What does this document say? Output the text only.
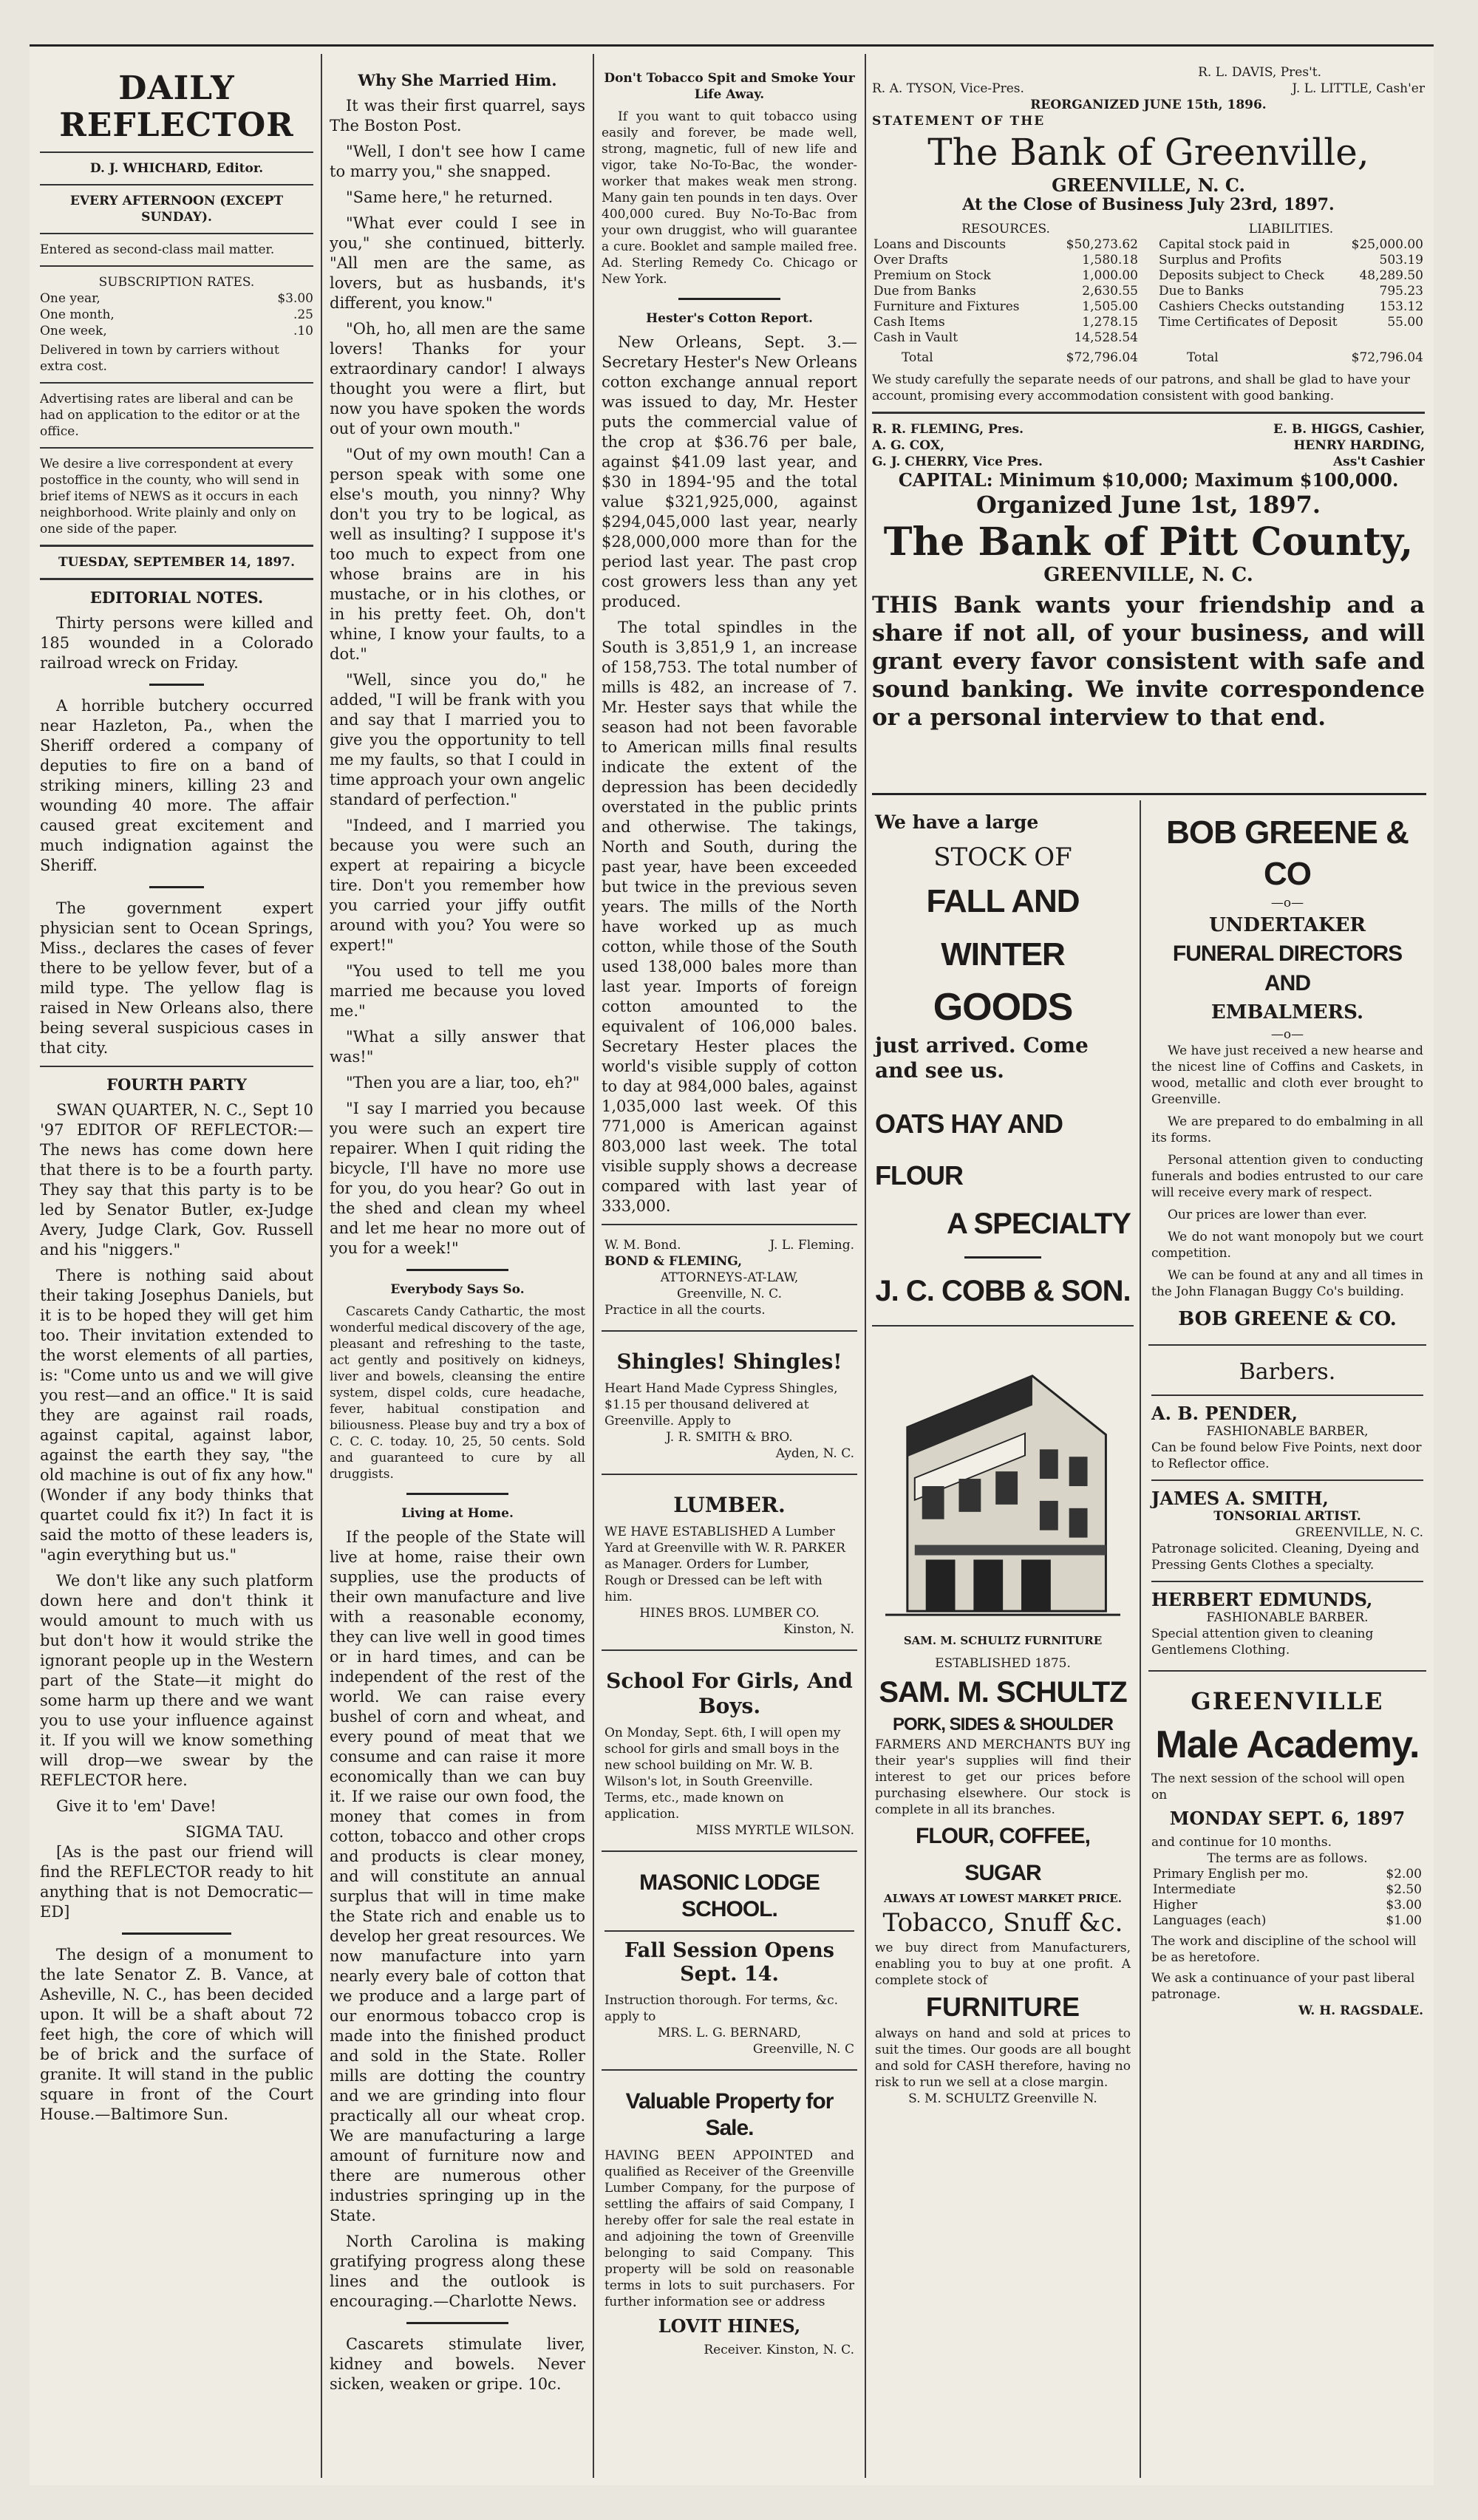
DAILY REFLECTOR
D. J. WHICHARD, Editor.
EVERY AFTERNOON (EXCEPT SUNDAY).
Entered as second-class mail matter.
SUBSCRIPTION RATES.
One year,	$3.00
One month,	.25
One week,	.10
Delivered in town by carriers without extra cost.
Advertising rates are liberal and can be had on application to the editor or at the office.
We desire a live correspondent at every postoffice in the county, who will send in brief items of NEWS as it occurs in each neighborhood. Write plainly and only on one side of the paper.
TUESDAY, SEPTEMBER 14, 1897.
EDITORIAL NOTES.

Thirty persons were killed and 185 wounded in a Colorado railroad wreck on Friday.

A horrible butchery occurred near Hazleton, Pa., when the Sheriff ordered a company of deputies to fire on a band of striking miners, killing 23 and wounding 40 more. The affair caused great excitement and much indignation against the Sheriff.

The government expert physician sent to Ocean Springs, Miss., declares the cases of fever there to be yellow fever, but of a mild type. The yellow flag is raised in New Orleans also, there being several suspicious cases in that city.

FOURTH PARTY

SWAN QUARTER, N. C., Sept 10 '97 EDITOR OF REFLECTOR:—The news has come down here that there is to be a fourth party. They say that this party is to be led by Senator Butler, ex-Judge Avery, Judge Clark, Gov. Russell and his "niggers."

There is nothing said about their taking Josephus Daniels, but it is to be hoped they will get him too. Their invitation extended to the worst elements of all parties, is: "Come unto us and we will give you rest—and an office." It is said they are against rail roads, against capital, against labor, against the earth they say, "the old machine is out of fix any how." (Wonder if any body thinks that quartet could fix it?) In fact it is said the motto of these leaders is, "agin everything but us."

We don't like any such platform down here and don't think it would amount to much with us but don't how it would strike the ignorant people up in the Western part of the State—it might do some harm up there and we want you to use your influence against it. If you will we know something will drop—we swear by the REFLECTOR here.

Give it to 'em' Dave!

SIGMA TAU.

[As is the past our friend will find the REFLECTOR ready to hit anything that is not Democratic—ED]

The design of a monument to the late Senator Z. B. Vance, at Asheville, N. C., has been decided upon. It will be a shaft about 72 feet high, the core of which will be of brick and the surface of granite. It will stand in the public square in front of the Court House.—Baltimore Sun.

Why She Married Him.

It was their first quarrel, says The Boston Post.

"Well, I don't see how I came to marry you," she snapped.

"Same here," he returned.

"What ever could I see in you," she continued, bitterly. "All men are the same, as lovers, but as husbands, it's different, you know."

"Oh, ho, all men are the same lovers! Thanks for your extraordinary candor! I always thought you were a flirt, but now you have spoken the words out of your own mouth."

"Out of my own mouth! Can a person speak with some one else's mouth, you ninny? Why don't you try to be logical, as well as insulting? I suppose it's too much to expect from one whose brains are in his mustache, or in his clothes, or in his pretty feet. Oh, don't whine, I know your faults, to a dot."

"Well, since you do," he added, "I will be frank with you and say that I married you to give you the opportunity to tell me my faults, so that I could in time approach your own angelic standard of perfection."

"Indeed, and I married you because you were such an expert at repairing a bicycle tire. Don't you remember how you carried your jiffy outfit around with you? You were so expert!"

"You used to tell me you married me because you loved me."

"What a silly answer that was!"

"Then you are a liar, too, eh?"

"I say I married you because you were such an expert tire repairer. When I quit riding the bicycle, I'll have no more use for you, do you hear? Go out in the shed and clean my wheel and let me hear no more out of you for a week!"

Everybody Says So.

Cascarets Candy Cathartic, the most wonderful medical discovery of the age, pleasant and refreshing to the taste, act gently and positively on kidneys, liver and bowels, cleansing the entire system, dispel colds, cure headache, fever, habitual constipation and biliousness. Please buy and try a box of C. C. C. today. 10, 25, 50 cents. Sold and guaranteed to cure by all druggists.

Living at Home.

If the people of the State will live at home, raise their own supplies, use the products of their own manufacture and live with a reasonable economy, they can live well in good times or in hard times, and can be independent of the rest of the world. We can raise every bushel of corn and wheat, and every pound of meat that we consume and can raise it more economically than we can buy it. If we raise our own food, the money that comes in from cotton, tobacco and other crops and products is clear money, and will constitute an annual surplus that will in time make the State rich and enable us to develop her great resources. We now manufacture into yarn nearly every bale of cotton that we produce and a large part of our enormous tobacco crop is made into the finished product and sold in the State. Roller mills are dotting the country and we are grinding into flour practically all our wheat crop. We are manufacturing a large amount of furniture now and there are numerous other industries springing up in the State.

North Carolina is making gratifying progress along these lines and the outlook is encouraging.—Charlotte News.

Cascarets stimulate liver, kidney and bowels. Never sicken, weaken or gripe. 10c.

Don't Tobacco Spit and Smoke Your Life Away.

If you want to quit tobacco using easily and forever, be made well, strong, magnetic, full of new life and vigor, take No-To-Bac, the wonder-worker that makes weak men strong. Many gain ten pounds in ten days. Over 400,000 cured. Buy No-To-Bac from your own druggist, who will guarantee a cure. Booklet and sample mailed free. Ad. Sterling Remedy Co. Chicago or New York.

Hester's Cotton Report.

New Orleans, Sept. 3.—Secretary Hester's New Orleans cotton exchange annual report was issued to day, Mr. Hester puts the commercial value of the crop at $36.76 per bale, against $41.09 last year, and $30 in 1894-'95 and the total value $321,925,000, against $294,045,000 last year, nearly $28,000,000 more than for the period last year. The past crop cost growers less than any yet produced.

The total spindles in the South is 3,851,9 1, an increase of 158,753. The total number of mills is 482, an increase of 7. Mr. Hester says that while the season had not been favorable to American mills final results indicate the extent of the depression has been decidedly overstated in the public prints and otherwise. The takings, North and South, during the past year, have been exceeded but twice in the previous seven years. The mills of the North have worked up as much cotton, while those of the South used 138,000 bales more than last year. Imports of foreign cotton amounted to the equivalent of 106,000 bales. Secretary Hester places the world's visible supply of cotton to day at 984,000 bales, against 1,035,000 last week. Of this 771,000 is American against 803,000 last week. The total visible supply shows a decrease compared with last year of 333,000.

W. M. Bond.	J. L. Fleming.
BOND & FLEMING,
ATTORNEYS-AT-LAW,
Greenville, N. C.
Practice in all the courts.
Shingles! Shingles!
Heart Hand Made Cypress Shingles, $1.15 per thousand delivered at Greenville. Apply to
J. R. SMITH & BRO.
Ayden, N. C.
LUMBER.
WE HAVE ESTABLISHED A Lumber Yard at Greenville with W. R. PARKER as Manager. Orders for Lumber, Rough or Dressed can be left with him.
HINES BROS. LUMBER CO.
Kinston, N.
School For Girls, And Boys.
On Monday, Sept. 6th, I will open my school for girls and small boys in the new school building on Mr. W. B. Wilson's lot, in South Greenville. Terms, etc., made known on application.
MISS MYRTLE WILSON.
MASONIC LODGE SCHOOL.
Fall Session Opens Sept. 14.
Instruction thorough. For terms, &c. apply to
MRS. L. G. BERNARD,
Greenville, N. C
Valuable Property for Sale.
HAVING BEEN APPOINTED and qualified as Receiver of the Greenville Lumber Company, for the purpose of settling the affairs of said Company, I hereby offer for sale the real estate in and adjoining the town of Greenville belonging to said Company. This property will be sold on reasonable terms in lots to suit purchasers. For further information see or address
LOVIT HINES,
Receiver. Kinston, N. C.
R. L. DAVIS, Pres't.
R. A. TYSON, Vice-Pres.	J. L. LITTLE, Cash'er
REORGANIZED JUNE 15th, 1896.
STATEMENT OF THE
The Bank of Greenville,
GREENVILLE, N. C.
At the Close of Business July 23rd, 1897.
RESOURCES.
Loans and Discounts	$50,273.62
Over Drafts	1,580.18
Premium on Stock	1,000.00
Due from Banks	2,630.55
Furniture and Fixtures	1,505.00
Cash Items	1,278.15
Cash in Vault	14,528.54
Total	$72,796.04
LIABILITIES.
Capital stock paid in	$25,000.00
Surplus and Profits	503.19
Deposits subject to Check	48,289.50
Due to Banks	795.23
Cashiers Checks outstanding	153.12
Time Certificates of Deposit	55.00
Total	$72,796.04
We study carefully the separate needs of our patrons, and shall be glad to have your account, promising every accommodation consistent with good banking.
R. R. FLEMING, Pres.
A. G. COX,
G. J. CHERRY, Vice Pres.
E. B. HIGGS, Cashier,
HENRY HARDING,
Ass't Cashier
CAPITAL: Minimum $10,000; Maximum $100,000.
Organized June 1st, 1897.
The Bank of Pitt County,
GREENVILLE, N. C.
THIS Bank wants your friendship and a share if not all, of your business, and will grant every favor consistent with safe and sound banking. We invite correspondence or a personal interview to that end.
We have a large
STOCK OF
FALL AND WINTER
GOODS
just arrived. Come and see us.
OATS HAY AND FLOUR
A SPECIALTY
J. C. COBB & SON.
SAM. M. SCHULTZ FURNITURE
ESTABLISHED 1875.
SAM. M. SCHULTZ
PORK, SIDES & SHOULDER
FARMERS AND MERCHANTS BUY ing their year's supplies will find their interest to get our prices before purchasing elsewhere. Our stock is complete in all its branches.
FLOUR, COFFEE, SUGAR
ALWAYS AT LOWEST MARKET PRICE.
Tobacco, Snuff &c.
we buy direct from Manufacturers, enabling you to buy at one profit. A complete stock of
FURNITURE
always on hand and sold at prices to suit the times. Our goods are all bought and sold for CASH therefore, having no risk to run we sell at a close margin.
S. M. SCHULTZ Greenville N.
BOB GREENE & CO
—o—
UNDERTAKER
FUNERAL DIRECTORS AND
EMBALMERS.
—o—

We have just received a new hearse and the nicest line of Coffins and Caskets, in wood, metallic and cloth ever brought to Greenville.

We are prepared to do embalming in all its forms.

Personal attention given to conducting funerals and bodies entrusted to our care will receive every mark of respect.

Our prices are lower than ever.

We do not want monopoly but we court competition.

We can be found at any and all times in the John Flanagan Buggy Co's building.

BOB GREENE & CO.
Barbers.
A. B. PENDER,
FASHIONABLE BARBER,
Can be found below Five Points, next door to Reflector office.
JAMES A. SMITH,
TONSORIAL ARTIST.
GREENVILLE, N. C.
Patronage solicited. Cleaning, Dyeing and Pressing Gents Clothes a specialty.
HERBERT EDMUNDS,
FASHIONABLE BARBER.
Special attention given to cleaning Gentlemens Clothing.
GREENVILLE
Male Academy.
The next session of the school will open on
MONDAY SEPT. 6, 1897
and continue for 10 months.
The terms are as follows.
Primary English per mo.	$2.00
Intermediate	$2.50
Higher	$3.00
Languages (each)	$1.00
The work and discipline of the school will be as heretofore.
We ask a continuance of your past liberal patronage.
W. H. RAGSDALE.
